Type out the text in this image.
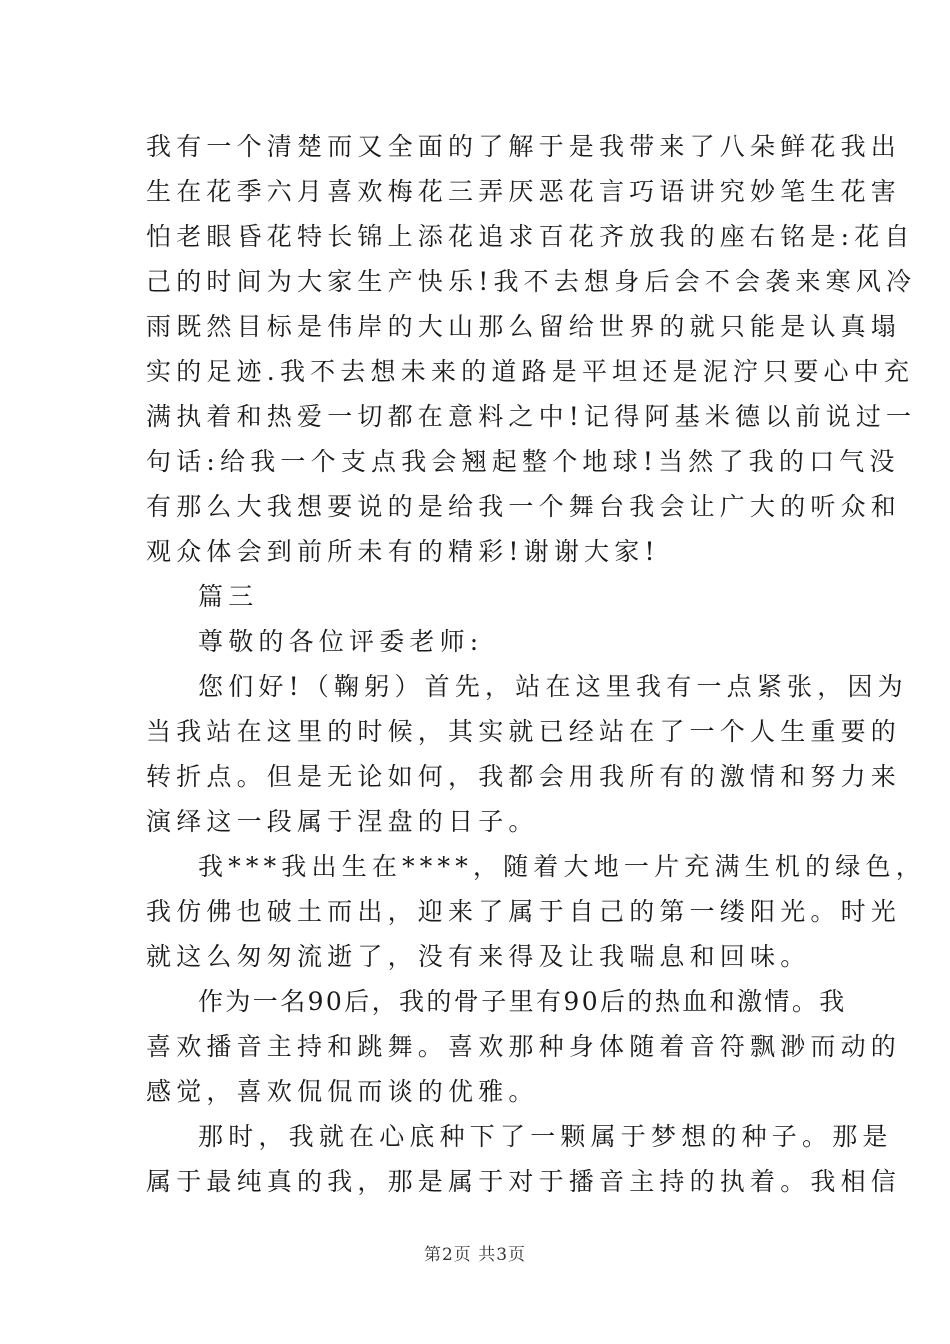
我有一个清楚而又全面的了解于是我带来了八朵鲜花我出
生在花季六月喜欢梅花三弄厌恶花言巧语讲究妙笔生花害
怕老眼昏花特长锦上添花追求百花齐放我的座右铭是:花自
己的时间为大家生产快乐!我不去想身后会不会袭来寒风冷
雨既然目标是伟岸的大山那么留给世界的就只能是认真塌
实的足迹.我不去想未来的道路是平坦还是泥泞只要心中充
满执着和热爱一切都在意料之中!记得阿基米德以前说过一
句话:给我一个支点我会翘起整个地球!当然了我的口气没
有那么大我想要说的是给我一个舞台我会让广大的听众和
观众体会到前所未有的精彩!谢谢大家!
篇三
尊敬的各位评委老师:
您们好!（鞠躬）首先，站在这里我有一点紧张，因为
当我站在这里的时候，其实就已经站在了一个人生重要的
转折点。但是无论如何，我都会用我所有的激情和努力来
演绎这一段属于涅盘的日子。
我***我出生在****，随着大地一片充满生机的绿色，
我仿佛也破土而出，迎来了属于自己的第一缕阳光。时光
就这么匆匆流逝了，没有来得及让我喘息和回味。
作为一名90后，我的骨子里有90后的热血和激情。我
喜欢播音主持和跳舞。喜欢那种身体随着音符飘渺而动的
感觉，喜欢侃侃而谈的优雅。
那时，我就在心底种下了一颗属于梦想的种子。那是
属于最纯真的我，那是属于对于播音主持的执着。我相信
第2页 共3页
